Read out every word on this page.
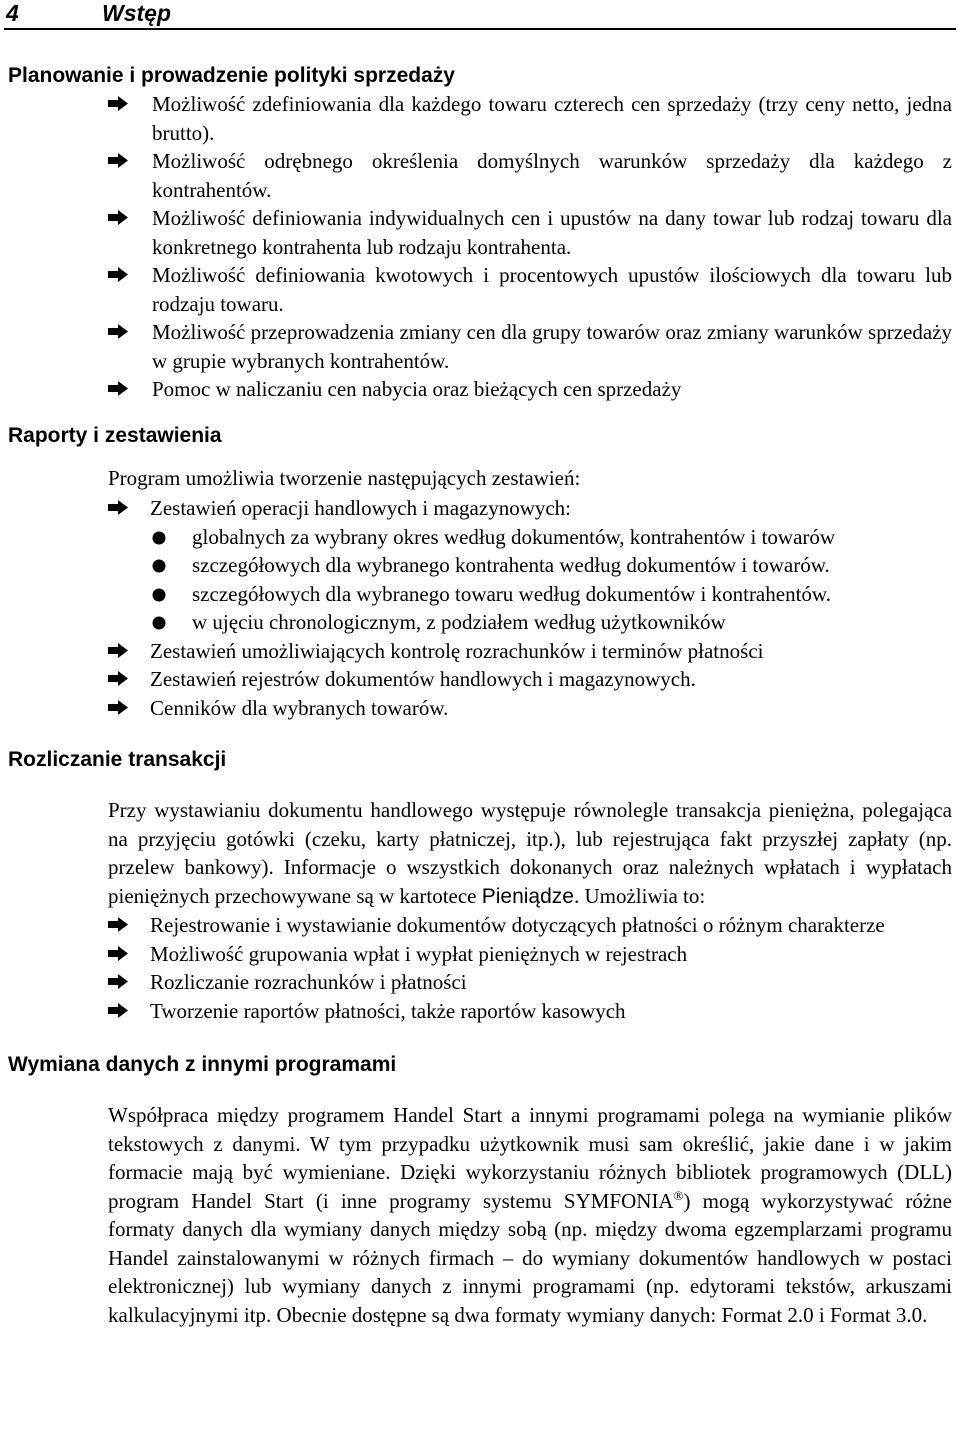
4	Wstęp
Planowanie i prowadzenie polityki sprzedaży
Możliwość zdefiniowania dla każdego towaru czterech cen sprzedaży (trzy ceny netto, jedna brutto).
Możliwość odrębnego określenia domyślnych warunków sprzedaży dla każdego z kontrahentów.
Możliwość definiowania indywidualnych cen i upustów na dany towar lub rodzaj towaru dla konkretnego kontrahenta lub rodzaju kontrahenta.
Możliwość definiowania kwotowych i procentowych upustów ilościowych dla towaru lub rodzaju towaru.
Możliwość przeprowadzenia zmiany cen dla grupy towarów oraz zmiany warunków sprzedaży w grupie wybranych kontrahentów.
Pomoc w naliczaniu cen nabycia oraz bieżących cen sprzedaży
Raporty i zestawienia

Program umożliwia tworzenie następujących zestawień:

Zestawień operacji handlowych i magazynowych:
globalnych za wybrany okres według dokumentów, kontrahentów i towarów
szczegółowych dla wybranego kontrahenta według dokumentów i towarów.
szczegółowych dla wybranego towaru według dokumentów i kontrahentów.
w ujęciu chronologicznym, z podziałem według użytkowników
Zestawień umożliwiających kontrolę rozrachunków i terminów płatności
Zestawień rejestrów dokumentów handlowych i magazynowych.
Cenników dla wybranych towarów.
Rozliczanie transakcji

Przy wystawianiu dokumentu handlowego występuje równolegle transakcja pieniężna, polegająca na przyjęciu gotówki (czeku, karty płatniczej, itp.), lub rejestrująca fakt przyszłej zapłaty (np. przelew bankowy). Informacje o wszystkich dokonanych oraz należnych wpłatach i wypłatach pieniężnych przechowywane są w kartotece Pieniądze. Umożliwia to:

Rejestrowanie i wystawianie dokumentów dotyczących płatności o różnym charakterze
Możliwość grupowania wpłat i wypłat pieniężnych w rejestrach
Rozliczanie rozrachunków i płatności
Tworzenie raportów płatności, także raportów kasowych
Wymiana danych z innymi programami

Współpraca między programem Handel Start a innymi programami polega na wymianie plików tekstowych z danymi. W tym przypadku użytkownik musi sam określić, jakie dane i w jakim formacie mają być wymieniane. Dzięki wykorzystaniu różnych bibliotek programowych (DLL) program Handel Start (i inne programy systemu SYMFONIA®) mogą wykorzystywać różne formaty danych dla wymiany danych między sobą (np. między dwoma egzemplarzami programu Handel zainstalowanymi w różnych firmach – do wymiany dokumentów handlowych w postaci elektronicznej) lub wymiany danych z innymi programami (np. edytorami tekstów, arkuszami kalkulacyjnymi itp. Obecnie dostępne są dwa formaty wymiany danych: Format 2.0 i Format 3.0.
